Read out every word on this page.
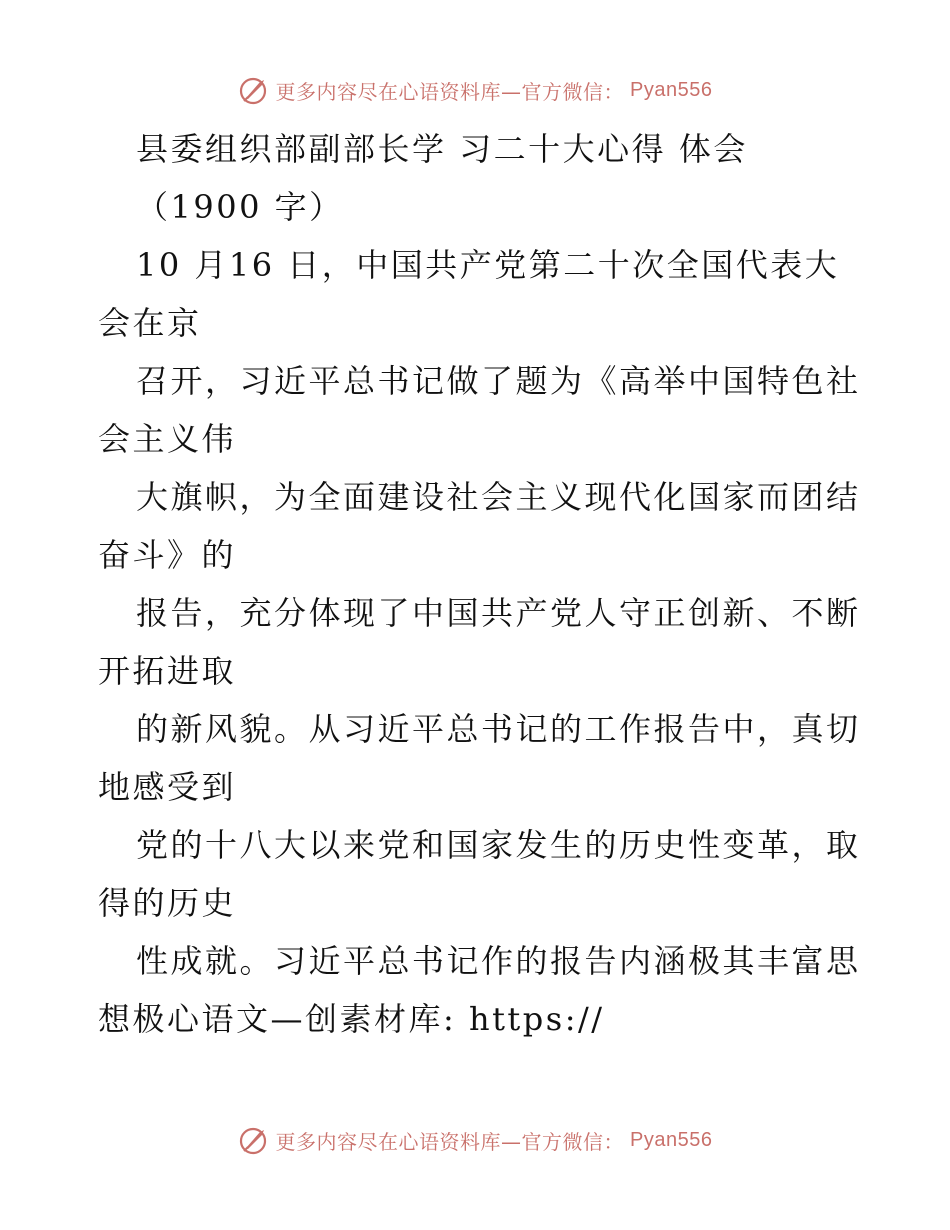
更多内容尽在心语资料库—官方微信： Pyan556
县委组织部副部长学 习二十大心得 体会
（1900 字）
10 月16 日，中国共产党第二十次全国代表大
会在京
召开，习近平总书记做了题为《高举中国特色社
会主义伟
大旗帜，为全面建设社会主义现代化国家而团结
奋斗》的
报告，充分体现了中国共产党人守正创新、不断
开拓进取
的新风貌。从习近平总书记的工作报告中，真切
地感受到
党的十八大以来党和国家发生的历史性变革，取
得的历史
性成就。习近平总书记作的报告内涵极其丰富思
想极心语文—创素材库: https://
更多内容尽在心语资料库—官方微信： Pyan556
